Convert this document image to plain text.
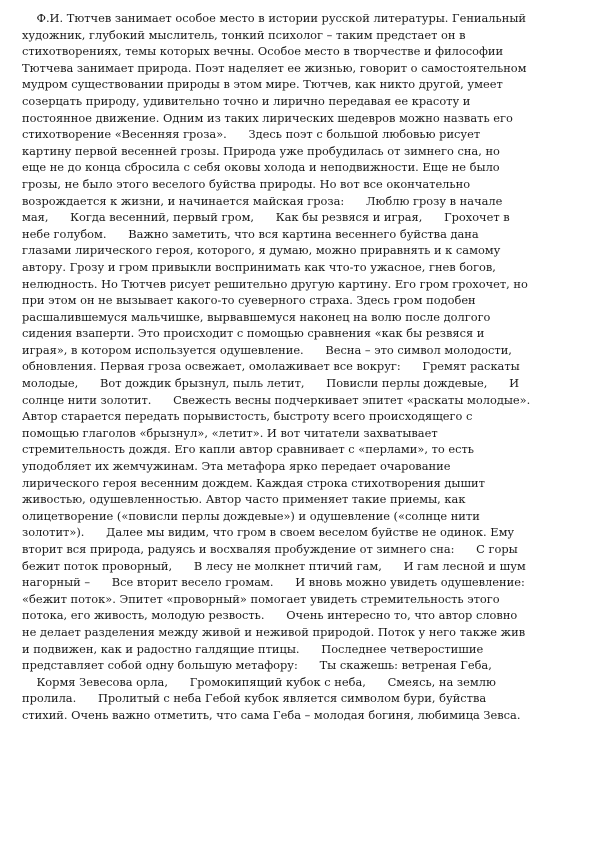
Ф.И. Тютчев занимает особое место в истории русской литературы. Гениальный
художник, глубокий мыслитель, тонкий психолог – таким предстает он в
стихотворениях, темы которых вечны. Особое место в творчестве и философии
Тютчева занимает природа. Поэт наделяет ее жизнью, говорит о самостоятельном
мудром существовании природы в этом мире. Тютчев, как никто другой, умеет
созерцать природу, удивительно точно и лирично передавая ее красоту и
постоянное движение. Одним из таких лирических шедевров можно назвать его
стихотворение «Весенняя гроза».      Здесь поэт с большой любовью рисует
картину первой весенней грозы. Природа уже пробудилась от зимнего сна, но
еще не до конца сбросила с себя оковы холода и неподвижности. Еще не было
грозы, не было этого веселого буйства природы. Но вот все окончательно
возрождается к жизни, и начинается майская гроза:      Люблю грозу в начале
мая,      Когда весенний, первый гром,      Как бы резвяся и играя,      Грохочет в
небе голубом.      Важно заметить, что вся картина весеннего буйства дана
глазами лирического героя, которого, я думаю, можно приравнять и к самому
автору. Грозу и гром привыкли воспринимать как что-то ужасное, гнев богов,
нелюдность. Но Тютчев рисует решительно другую картину. Его гром грохочет, но
при этом он не вызывает какого-то суеверного страха. Здесь гром подобен
расшалившемуся мальчишке, вырвавшемуся наконец на волю после долгого
сидения взаперти. Это происходит с помощью сравнения «как бы резвяся и
играя», в котором используется одушевление.      Весна – это символ молодости,
обновления. Первая гроза освежает, омолаживает все вокруг:      Гремят раскаты
молодые,      Вот дождик брызнул, пыль летит,      Повисли перлы дождевые,      И
солнце нити золотит.      Свежесть весны подчеркивает эпитет «раскаты молодые».
Автор старается передать порывистость, быстроту всего происходящего с
помощью глаголов «брызнул», «летит». И вот читатели захватывает
стремительность дождя. Его капли автор сравнивает с «перлами», то есть
уподобляет их жемчужинам. Эта метафора ярко передает очарование
лирического героя весенним дождем. Каждая строка стихотворения дышит
живостью, одушевленностью. Автор часто применяет такие приемы, как
олицетворение («повисли перлы дождевые») и одушевление («солнце нити
золотит»).      Далее мы видим, что гром в своем веселом буйстве не одинок. Ему
вторит вся природа, радуясь и восхваляя пробуждение от зимнего сна:      С горы
бежит поток проворный,      В лесу не молкнет птичий гам,      И гам лесной и шум
нагорный –      Все вторит весело громам.      И вновь можно увидеть одушевление:
«бежит поток». Эпитет «проворный» помогает увидеть стремительность этого
потока, его живость, молодую резвость.      Очень интересно то, что автор словно
не делает разделения между живой и неживой природой. Поток у него также жив
и подвижен, как и радостно галдящие птицы.      Последнее четверостишие
представляет собой одну большую метафору:      Ты скажешь: ветреная Геба,
Кормя Зевесова орла,      Громокипящий кубок с неба,      Смеясь, на землю
пролила.      Пролитый с неба Гебой кубок является символом бури, буйства
стихий. Очень важно отметить, что сама Геба – молодая богиня, любимица Зевса.
